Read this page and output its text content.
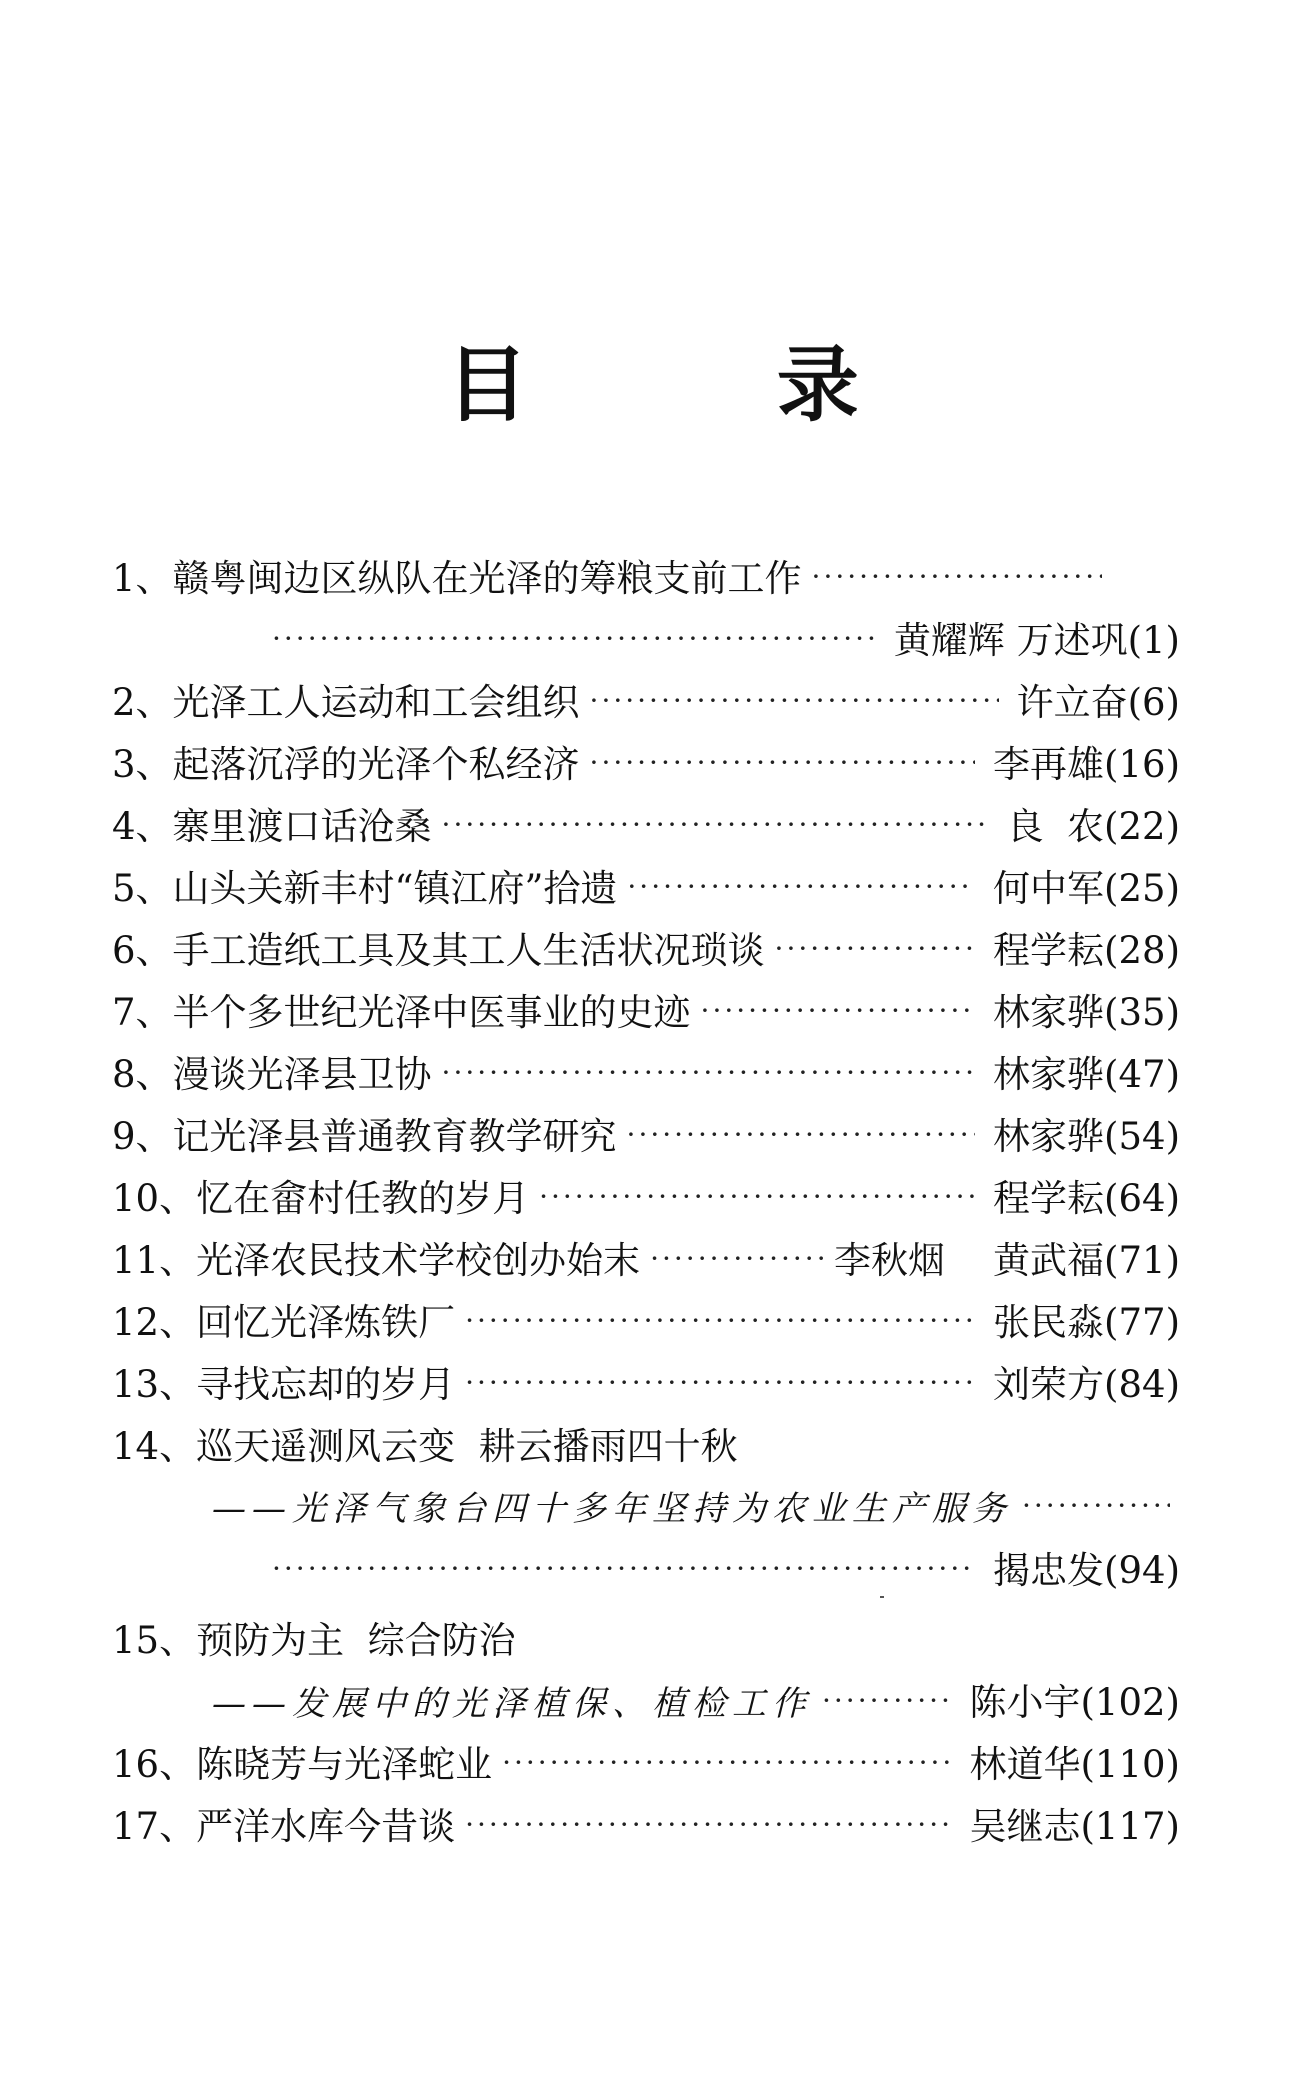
目 录
1 、 赣粤闽边区纵队在光泽的筹粮支前工作
·····
·····
黄耀辉 万述巩 (1)
2 、 光泽工人运动和工会组织 ·····	许立奋 (6)
3 、 起落沉浮的光泽个私经济 ·····	李再雄 (16)
4 、 寨里渡口话沧桑 ·····	良  农 (22)
5 、 山头关新丰村“镇江府”拾遗 ·····	何中军 (25)
6 、 手工造纸工具及其工人生活状况琐谈 ·····	程学耘 (28)
7 、 半个多世纪光泽中医事业的史迹 ·····	林家骅 (35)
8 、 漫谈光泽县卫协 ·····	林家骅 (47)
9 、 记光泽县普通教育教学研究 ·····	林家骅 (54)
10 、 忆在畲村任教的岁月 ·····	程学耘 (64)
11 、 光泽农民技术学校创办始末 ·····	李秋烟 黄武福 (71)
12 、 回忆光泽炼铁厂 ·····	张民淼 (77)
13 、 寻找忘却的岁月 ·····	刘荣方 (84)
14 、 巡天遥测风云变  耕云播雨四十秋
——光泽气象台四十多年坚持为农业生产服务
·····
·····
揭忠发 (94)
15 、 预防为主  综合防治
——发展中的光泽植保、植检工作 ·····	陈小宇 (102)
16 、 陈晓芳与光泽蛇业 ·····	林道华 (110)
17 、 严洋水库今昔谈 ·····	吴继志 (117)
